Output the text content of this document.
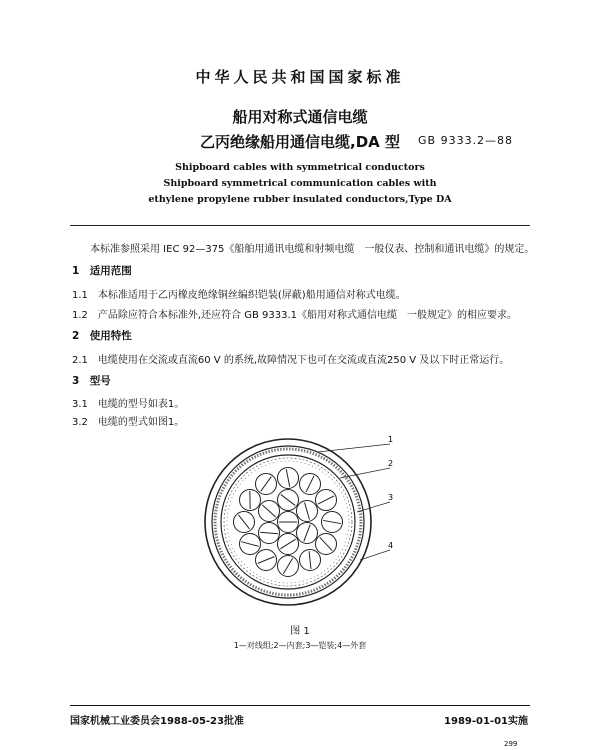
中华人民共和国国家标准
船用对称式通信电缆
乙丙绝缘船用通信电缆,DA 型	GB 9333.2—88
Shipboard cables with symmetrical conductors
Shipboard symmetrical communication cables with
ethylene propylene rubber insulated conductors,Type DA
本标准参照采用 IEC 92—375《船舶用通讯电缆和射频电缆　一般仪表、控制和通讯电缆》的规定。
1　适用范围
1.1　本标准适用于乙丙橡皮绝缘铜丝编织铠装(屏蔽)船用通信对称式电缆。
1.2　产品除应符合本标准外,还应符合 GB 9333.1《船用对称式通信电缆　一般规定》的相应要求。
2　使用特性
2.1　电缆使用在交流或直流60 V 的系统,故障情况下也可在交流或直流250 V 及以下时正常运行。
3　型号
3.1　电缆的型号如表1。
3.2　电缆的型式如图1。
1
2
3
4
图 1
1—对线组;2—内套;3—铠装;4—外套
国家机械工业委员会1988-05-23批准	1989-01-01实施
299
